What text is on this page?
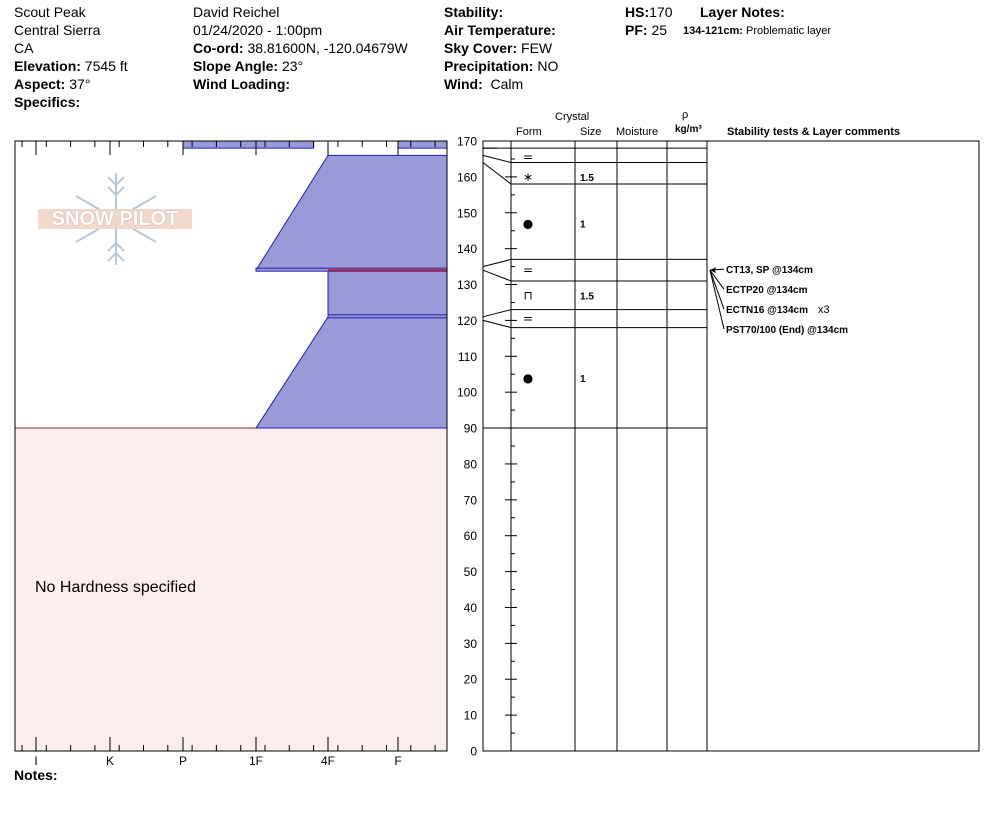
Scout Peak
Central Sierra
CA
Elevation: 7545 ft
Aspect: 37°
Specifics:
David Reichel
01/24/2020 - 1:00pm
Co-ord: 38.81600N, -120.04679W
Slope Angle: 23°
Wind Loading:
Stability:
Air Temperature:
Sky Cover: FEW
Precipitation: NO
Wind: Calm
HS:170
PF: 25
Layer Notes:
134-121cm: Problematic layer
Crystal
Form	Size Moisture
ρ
kg/m³ Stability tests & Layer comments
SNOW PILOT
I	K	P	1F	4F	F
0
10
20
30
40
50
60
70
80
90
100
110
120
130
140
150
160
170
=
∗	1.5
●	1
=
⊓	1.5
=
●	1
CT13, SP @134cm
ECTP20 @134cm
ECTN16 @134cm x3
PST70/100 (End) @134cm
No Hardness specified
Notes:
